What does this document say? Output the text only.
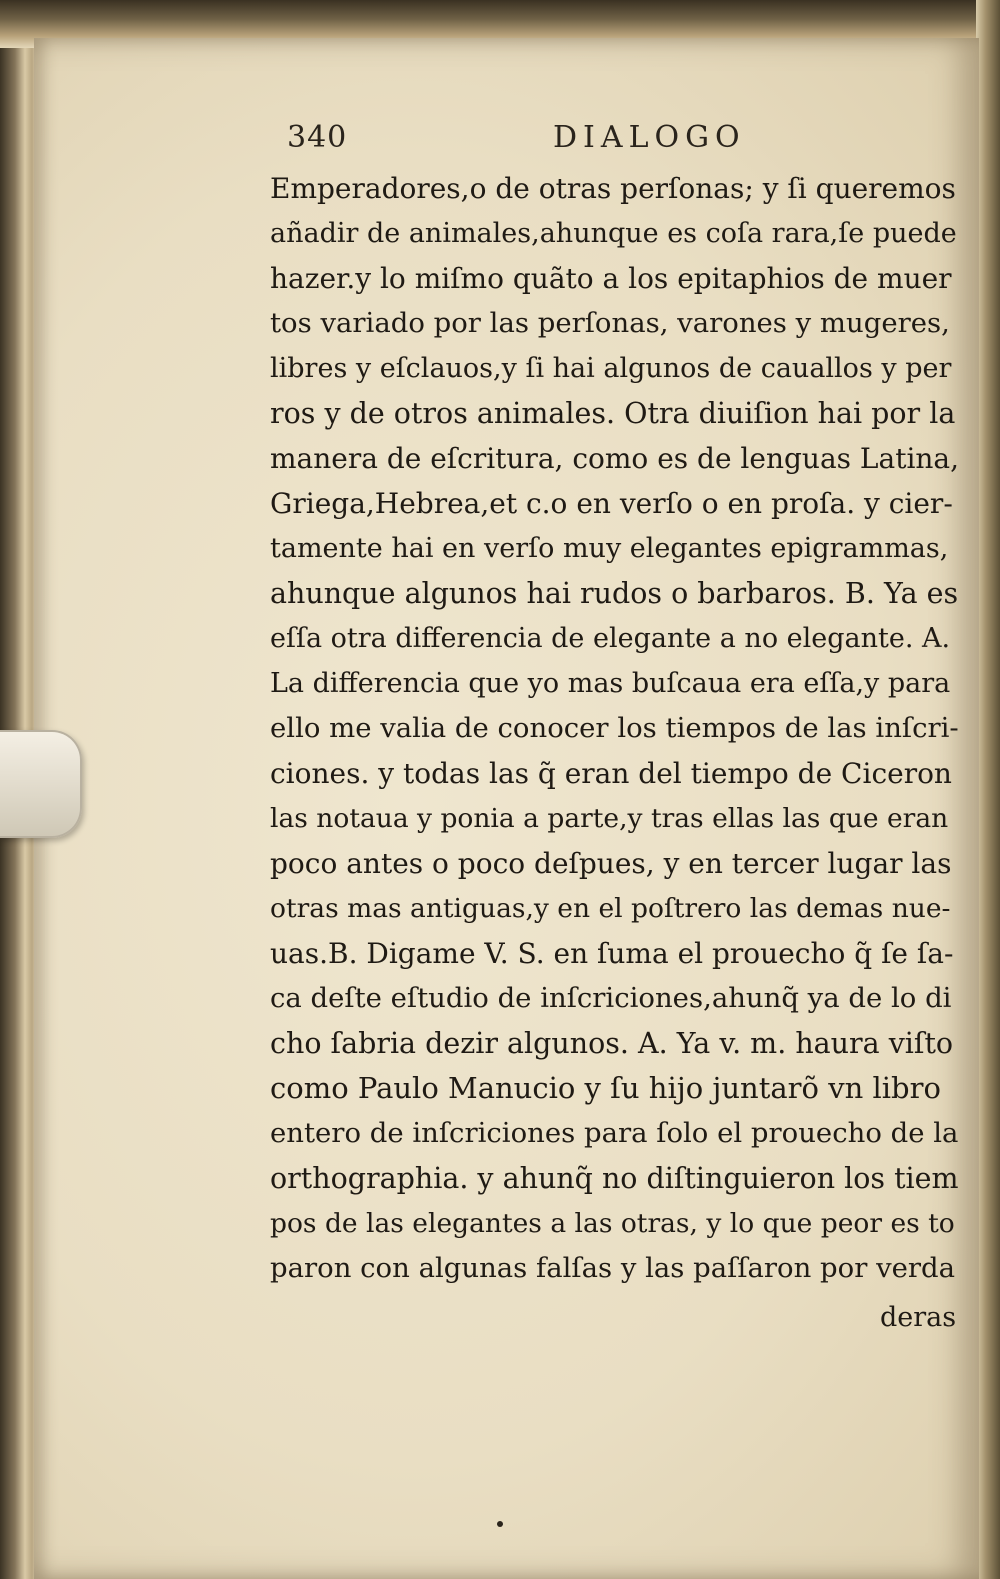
340	DIALOGO
Emperadores,o de otras perſonas; y ſi queremos
añadir de animales,ahunque es coſa rara,ſe puede
hazer.y lo miſmo quãto a los epitaphios de muer
tos variado por las perſonas, varones y mugeres,
libres y eſclauos,y ſi hai algunos de cauallos y per
ros y de otros animales. Otra diuiſion hai por la
manera de eſcritura, como es de lenguas Latina,
Griega,Hebrea,et c.o en verſo o en proſa. y cier-
tamente hai en verſo muy elegantes epigrammas,
ahunque algunos hai rudos o barbaros. B. Ya es
eſſa otra differencia de elegante a no elegante. A.
La differencia que yo mas buſcaua era eſſa,y para
ello me valia de conocer los tiempos de las inſcri-
ciones. y todas las q̃ eran del tiempo de Ciceron
las notaua y ponia a parte,y tras ellas las que eran
poco antes o poco deſpues, y en tercer lugar las
otras mas antiguas,y en el poſtrero las demas nue-
uas.B. Digame V. S. en ſuma el prouecho q̃ ſe ſa-
ca deſte eſtudio de inſcriciones,ahunq̃ ya de lo di
cho ſabria dezir algunos. A. Ya v. m. haura viſto
como Paulo Manucio y ſu hijo juntarõ vn libro
entero de inſcriciones para ſolo el prouecho de la
orthographia. y ahunq̃ no diſtinguieron los tiem
pos de las elegantes a las otras, y lo que peor es to
paron con algunas falſas y las paſſaron por verda
deras
